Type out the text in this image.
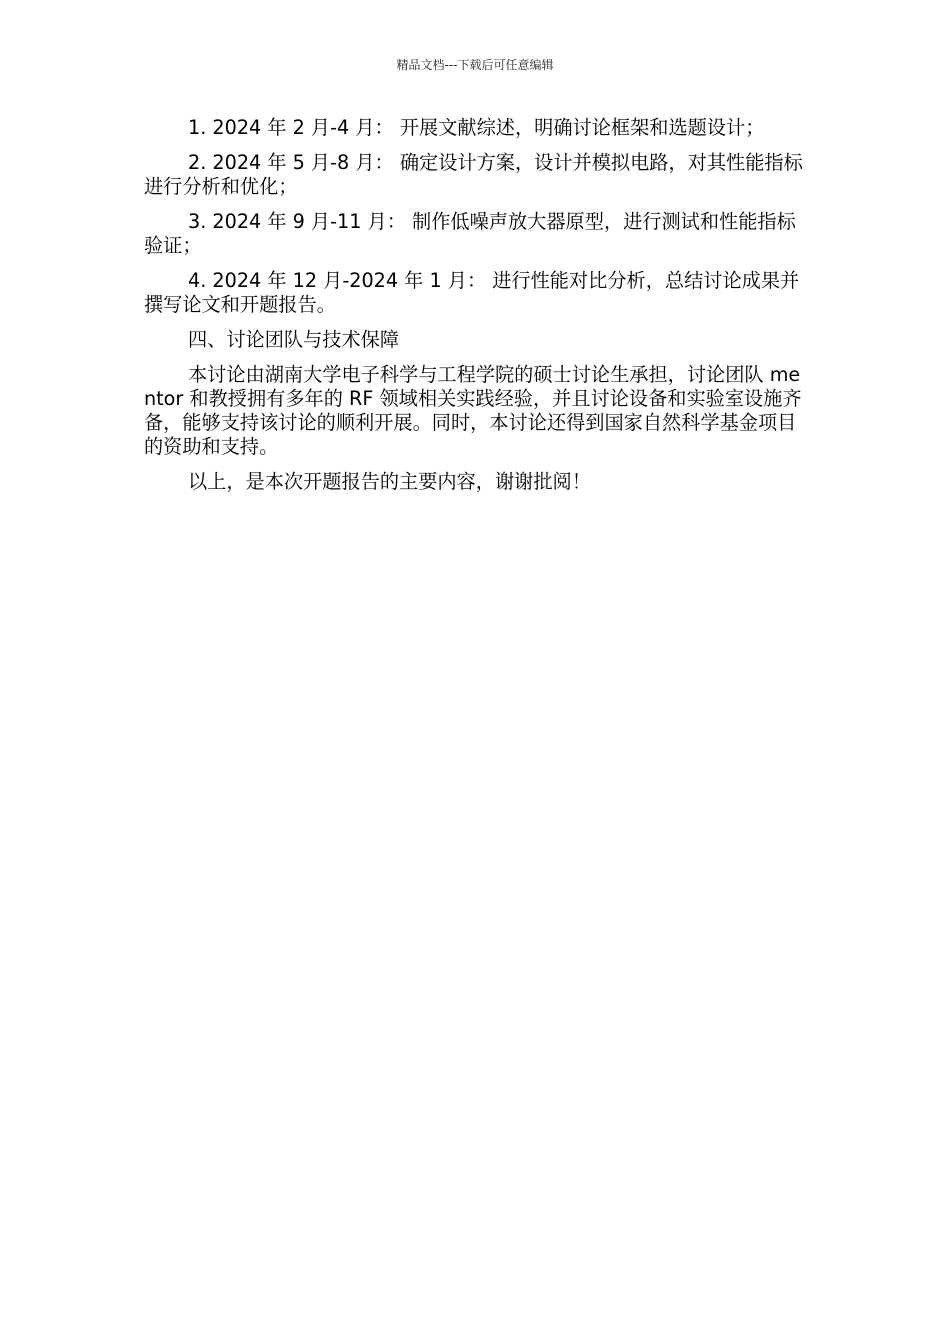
精品文档---下载后可任意编辑

1. 2024 年 2 月-4 月： 开展文献综述，明确讨论框架和选题设计；

2. 2024 年 5 月-8 月： 确定设计方案，设计并模拟电路，对其性能指标进行分析和优化；

3. 2024 年 9 月-11 月： 制作低噪声放大器原型，进行测试和性能指标验证；

4. 2024 年 12 月-2024 年 1 月： 进行性能对比分析，总结讨论成果并撰写论文和开题报告。

四、讨论团队与技术保障

本讨论由湖南大学电子科学与工程学院的硕士讨论生承担，讨论团队 mentor 和教授拥有多年的 RF 领域相关实践经验，并且讨论设备和实验室设施齐备，能够支持该讨论的顺利开展。同时，本讨论还得到国家自然科学基金项目的资助和支持。

以上，是本次开题报告的主要内容，谢谢批阅！
